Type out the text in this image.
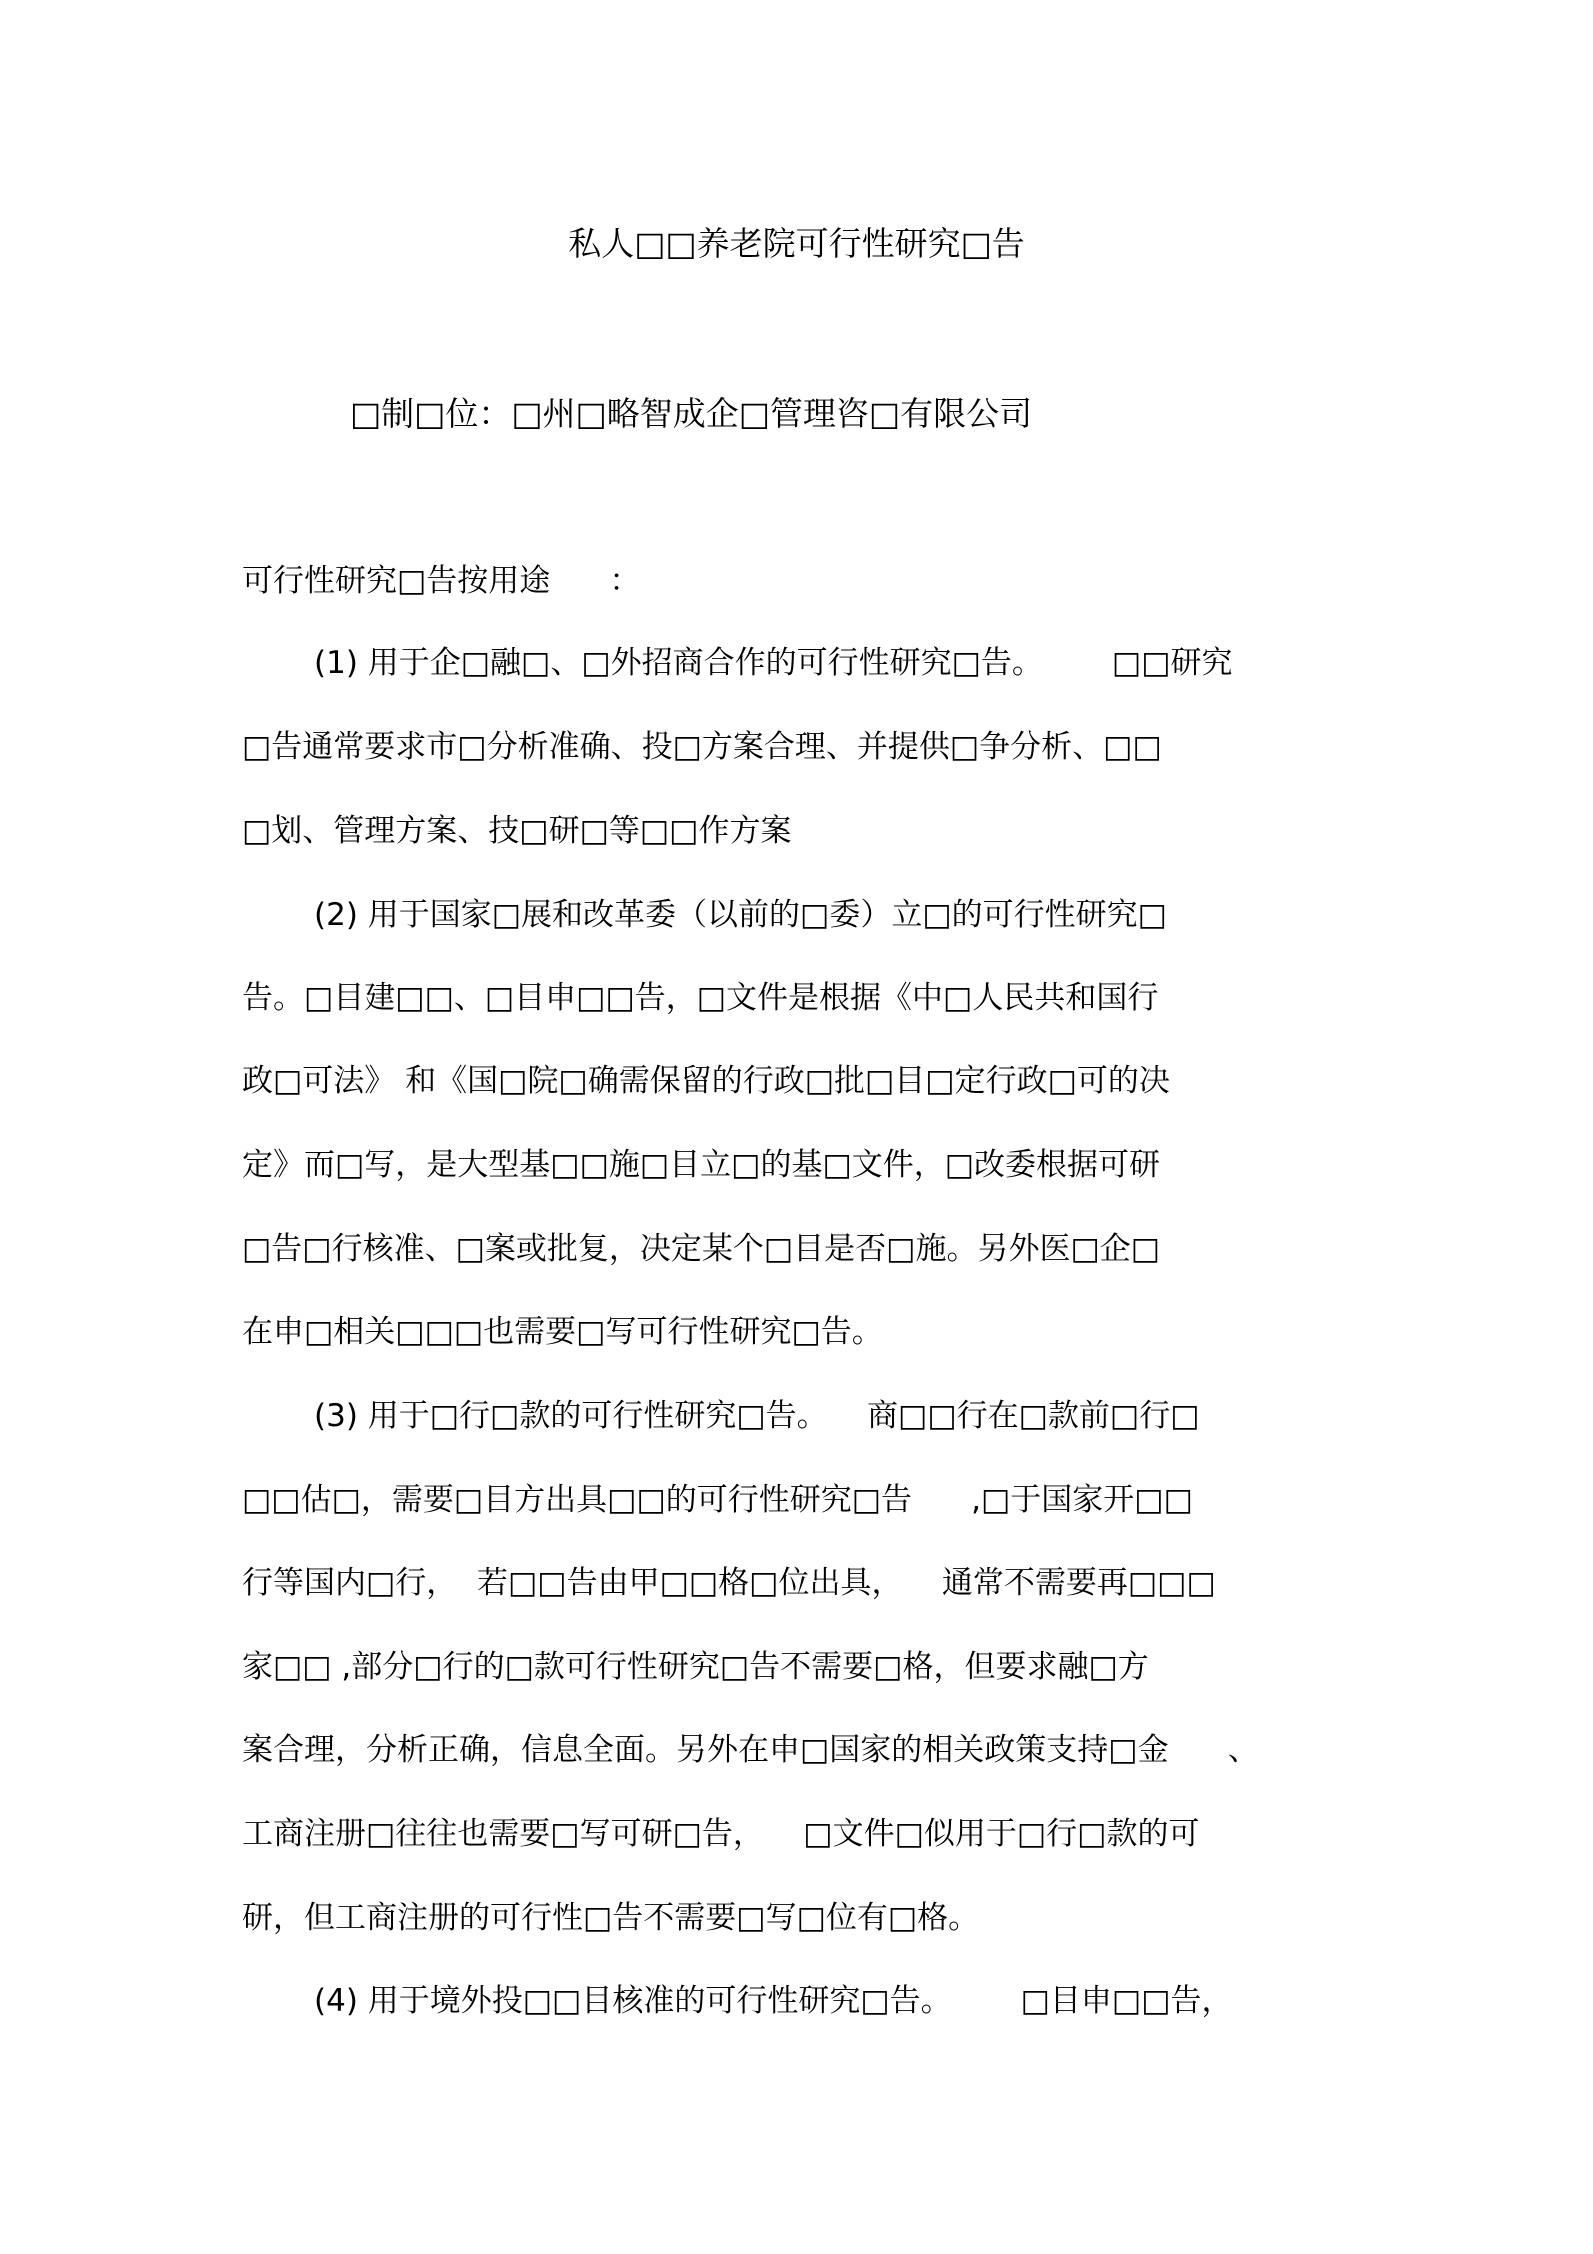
私人□□养老院可行性研究□告
□制□位：□州□略智成企□管理咨□有限公司
可行性研究□告按用途      ：
(1) 用于企□融□、□外招商合作的可行性研究□告。       □□研究
□告通常要求市□分析准确、投□方案合理、并提供□争分析、□□
□划、管理方案、技□研□等□□作方案
(2) 用于国家□展和改革委（以前的□委）立□的可行性研究□
告。□目建□□、□目申□□告，□文件是根据《中□人民共和国行
政□可法》 和《国□院□确需保留的行政□批□目□定行政□可的决
定》而□写，是大型基□□施□目立□的基□文件，□改委根据可研
□告□行核准、□案或批复，决定某个□目是否□施。另外医□企□
在申□相关□□□也需要□写可行性研究□告。
(3) 用于□行□款的可行性研究□告。    商□□行在□款前□行□
□□估□，需要□目方出具□□的可行性研究□告      ,□于国家开□□
行等国内□行，  若□□告由甲□□格□位出具，    通常不需要再□□□
家□□ ,部分□行的□款可行性研究□告不需要□格，但要求融□方
案合理，分析正确，信息全面。另外在申□国家的相关政策支持□金      、
工商注册□往往也需要□写可研□告，    □文件□似用于□行□款的可
研，但工商注册的可行性□告不需要□写□位有□格。
(4) 用于境外投□□目核准的可行性研究□告。       □目申□□告，
